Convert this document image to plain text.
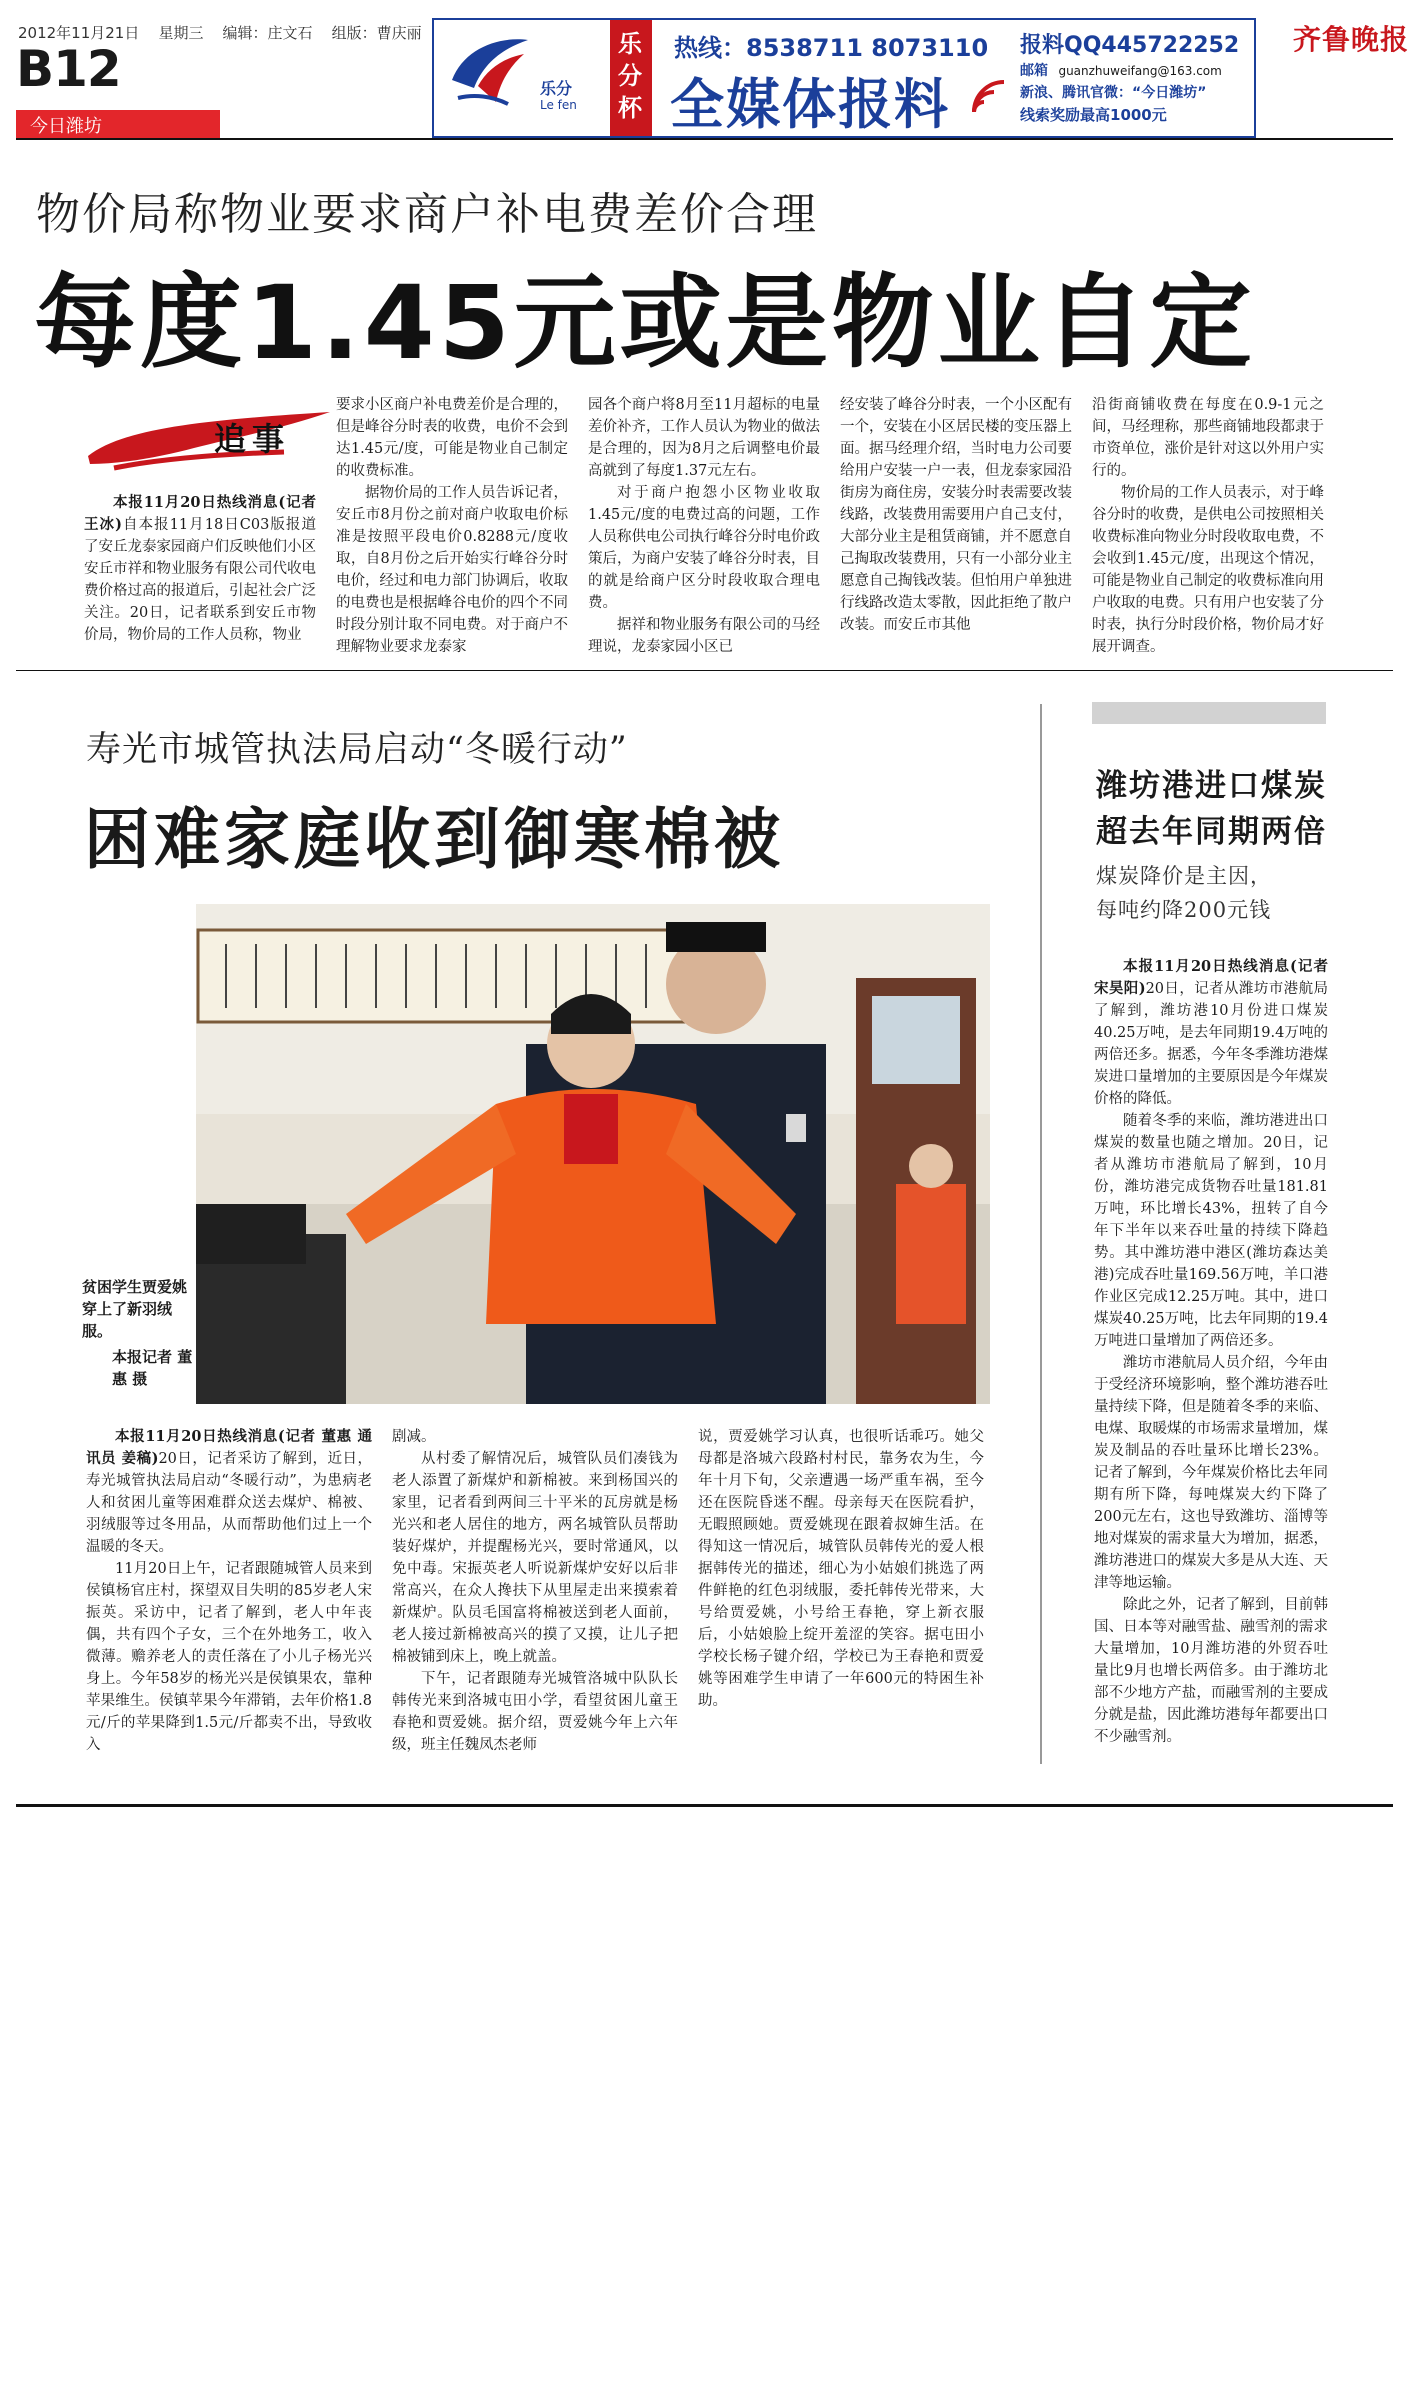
2012年11月21日 星期三 编辑：庄文石 组版：曹庆丽
B12
今日潍坊
齐鲁晚报
乐分
Le fen
乐分杯
热线：8538711 8073110
全媒体报料
报料QQ445722252
邮箱 guanzhuweifang@163.com
新浪、腾讯官微：“今日潍坊”
线索奖励最高1000元
物价局称物业要求商户补电费差价合理
每度1.45元或是物业自定
追事

本报11月20日热线消息(记者 王冰)自本报11月18日C03版报道了安丘龙泰家园商户们反映他们小区安丘市祥和物业服务有限公司代收电费价格过高的报道后，引起社会广泛关注。20日，记者联系到安丘市物价局，物价局的工作人员称，物业

要求小区商户补电费差价是合理的，但是峰谷分时表的收费，电价不会到达1.45元/度，可能是物业自己制定的收费标准。

据物价局的工作人员告诉记者，安丘市8月份之前对商户收取电价标准是按照平段电价0.8288元/度收取，自8月份之后开始实行峰谷分时电价，经过和电力部门协调后，收取的电费也是根据峰谷电价的四个不同时段分别计取不同电费。对于商户不理解物业要求龙泰家

园各个商户将8月至11月超标的电量差价补齐，工作人员认为物业的做法是合理的，因为8月之后调整电价最高就到了每度1.37元左右。

对于商户抱怨小区物业收取1.45元/度的电费过高的问题，工作人员称供电公司执行峰谷分时电价政策后，为商户安装了峰谷分时表，目的就是给商户区分时段收取合理电费。

据祥和物业服务有限公司的马经理说，龙泰家园小区已

经安装了峰谷分时表，一个小区配有一个，安装在小区居民楼的变压器上面。据马经理介绍，当时电力公司要给用户安装一户一表，但龙泰家园沿街房为商住房，安装分时表需要改装线路，改装费用需要用户自己支付，大部分业主是租赁商铺，并不愿意自己掏取改装费用，只有一小部分业主愿意自己掏钱改装。但怕用户单独进行线路改造太零散，因此拒绝了散户改装。而安丘市其他

沿街商铺收费在每度在0.9-1元之间，马经理称，那些商铺地段都隶于市资单位，涨价是针对这以外用户实行的。

物价局的工作人员表示，对于峰谷分时的收费，是供电公司按照相关收费标准向物业分时段收取电费，不会收到1.45元/度，出现这个情况，可能是物业自己制定的收费标准向用户收取的电费。只有用户也安装了分时表，执行分时段价格，物价局才好展开调查。

寿光市城管执法局启动“冬暖行动”
困难家庭收到御寒棉被
贫困学生贾爱姚穿上了新羽绒服。
本报记者 董惠 摄

本报11月20日热线消息(记者 董惠 通讯员 姜稿)20日，记者采访了解到，近日，寿光城管执法局启动“冬暖行动”，为患病老人和贫困儿童等困难群众送去煤炉、棉被、羽绒服等过冬用品，从而帮助他们过上一个温暖的冬天。

11月20日上午，记者跟随城管人员来到侯镇杨官庄村，探望双目失明的85岁老人宋振英。采访中，记者了解到，老人中年丧偶，共有四个子女，三个在外地务工，收入微薄。赡养老人的责任落在了小儿子杨光兴身上。今年58岁的杨光兴是侯镇果农，靠种苹果维生。侯镇苹果今年滞销，去年价格1.8元/斤的苹果降到1.5元/斤都卖不出，导致收入

剧减。

从村委了解情况后，城管队员们凑钱为老人添置了新煤炉和新棉被。来到杨国兴的家里，记者看到两间三十平米的瓦房就是杨光兴和老人居住的地方，两名城管队员帮助装好煤炉，并提醒杨光兴，要时常通风，以免中毒。宋振英老人听说新煤炉安好以后非常高兴，在众人搀扶下从里屋走出来摸索着新煤炉。队员毛国富将棉被送到老人面前，老人接过新棉被高兴的摸了又摸，让儿子把棉被铺到床上，晚上就盖。

下午，记者跟随寿光城管洛城中队队长韩传光来到洛城屯田小学，看望贫困儿童王春艳和贾爱姚。据介绍，贾爱姚今年上六年级，班主任魏凤杰老师

说，贾爱姚学习认真，也很听话乖巧。她父母都是洛城六段路村村民，靠务农为生，今年十月下旬，父亲遭遇一场严重车祸，至今还在医院昏迷不醒。母亲每天在医院看护，无暇照顾她。贾爱姚现在跟着叔婶生活。在得知这一情况后，城管队员韩传光的爱人根据韩传光的描述，细心为小姑娘们挑选了两件鲜艳的红色羽绒服，委托韩传光带来，大号给贾爱姚，小号给王春艳，穿上新衣服后，小姑娘脸上绽开羞涩的笑容。据屯田小学校长杨子键介绍，学校已为王春艳和贾爱姚等困难学生申请了一年600元的特困生补助。

潍坊港进口煤炭
超去年同期两倍
煤炭降价是主因，
每吨约降200元钱

本报11月20日热线消息(记者 宋昊阳)20日，记者从潍坊市港航局了解到，潍坊港10月份进口煤炭40.25万吨，是去年同期19.4万吨的两倍还多。据悉，今年冬季潍坊港煤炭进口量增加的主要原因是今年煤炭价格的降低。

随着冬季的来临，潍坊港进出口煤炭的数量也随之增加。20日，记者从潍坊市港航局了解到，10月份，潍坊港完成货物吞吐量181.81万吨，环比增长43%，扭转了自今年下半年以来吞吐量的持续下降趋势。其中潍坊港中港区(潍坊森达美港)完成吞吐量169.56万吨，羊口港作业区完成12.25万吨。其中，进口煤炭40.25万吨，比去年同期的19.4万吨进口量增加了两倍还多。

潍坊市港航局人员介绍，今年由于受经济环境影响，整个潍坊港吞吐量持续下降，但是随着冬季的来临、电煤、取暖煤的市场需求量增加，煤炭及制品的吞吐量环比增长23%。记者了解到，今年煤炭价格比去年同期有所下降，每吨煤炭大约下降了200元左右，这也导致潍坊、淄博等地对煤炭的需求量大为增加，据悉，潍坊港进口的煤炭大多是从大连、天津等地运输。

除此之外，记者了解到，目前韩国、日本等对融雪盐、融雪剂的需求大量增加，10月潍坊港的外贸吞吐量比9月也增长两倍多。由于潍坊北部不少地方产盐，而融雪剂的主要成分就是盐，因此潍坊港每年都要出口不少融雪剂。
